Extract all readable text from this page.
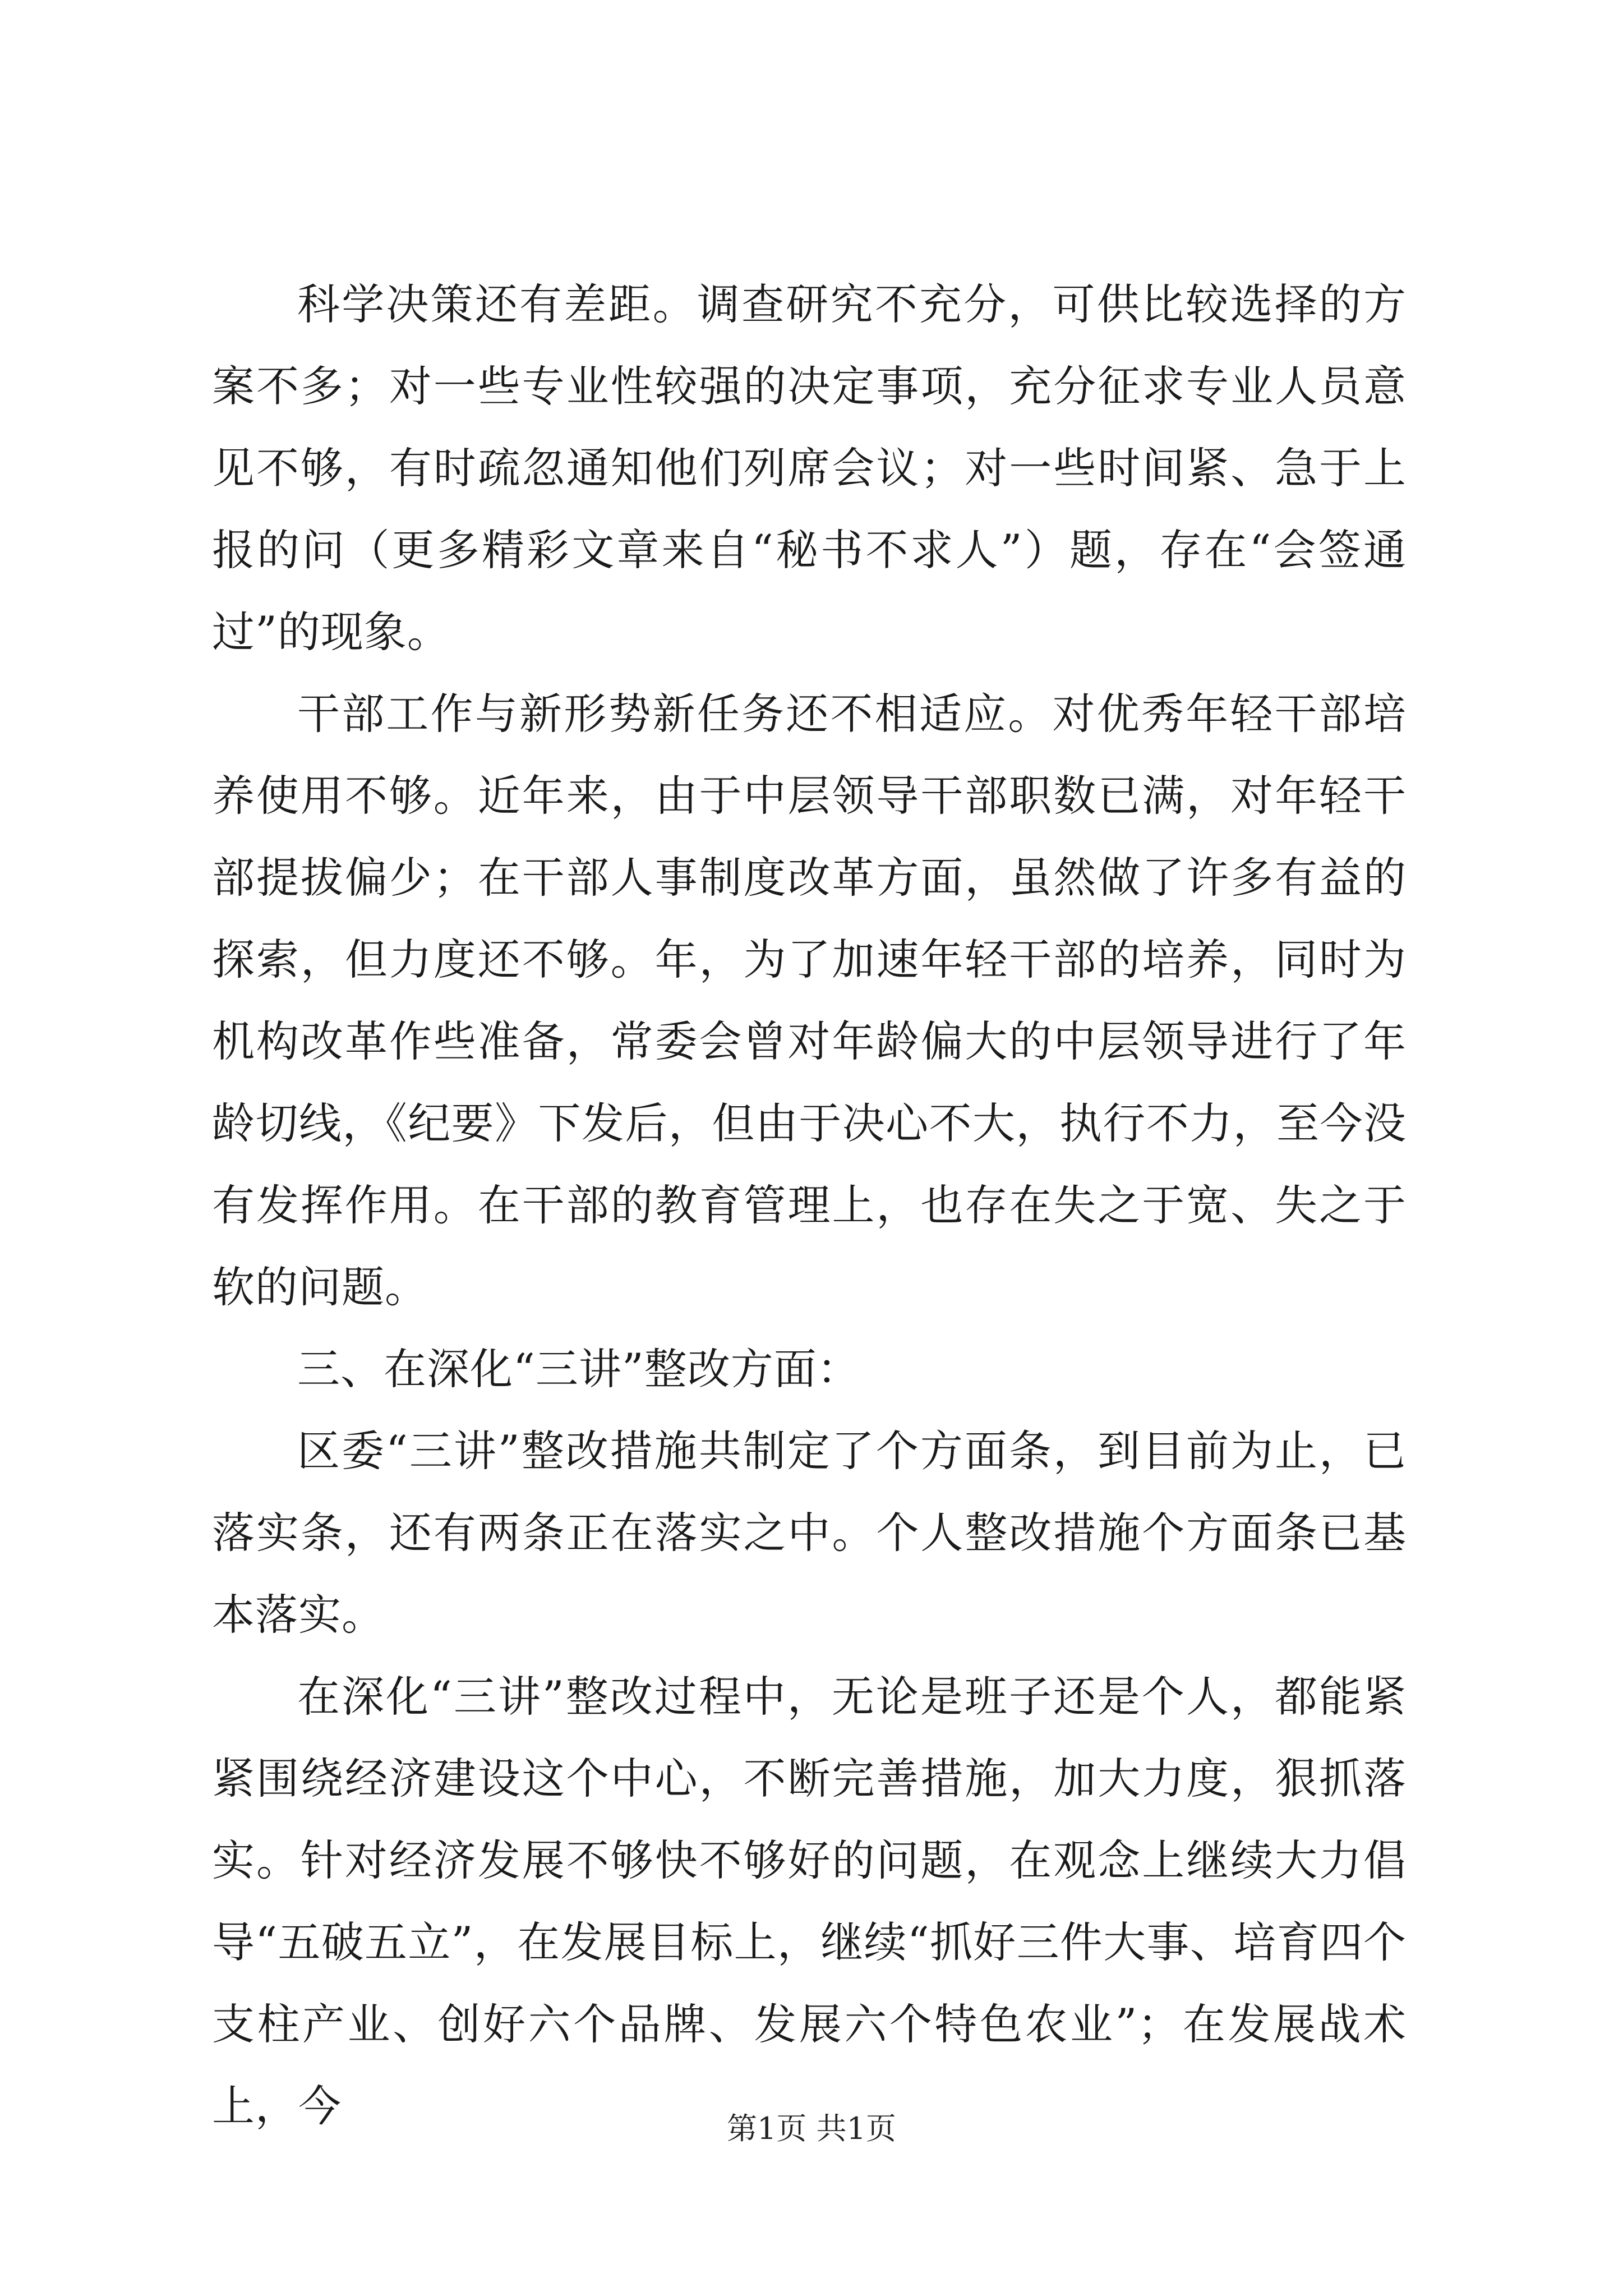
科学决策还有差距。调查研究不充分，可供比较选择的方案不多；对一些专业性较强的决定事项，充分征求专业人员意见不够，有时疏忽通知他们列席会议；对一些时间紧、急于上报的问（更多精彩文章来自“秘书不求人”）题，存在“会签通过”的现象。

干部工作与新形势新任务还不相适应。对优秀年轻干部培养使用不够。近年来，由于中层领导干部职数已满，对年轻干部提拔偏少；在干部人事制度改革方面，虽然做了许多有益的探索，但力度还不够。年，为了加速年轻干部的培养，同时为机构改革作些准备，常委会曾对年龄偏大的中层领导进行了年龄切线，《纪要》下发后，但由于决心不大，执行不力，至今没有发挥作用。在干部的教育管理上，也存在失之于宽、失之于软的问题。

三、在深化“三讲”整改方面：

区委“三讲”整改措施共制定了个方面条，到目前为止，已落实条，还有两条正在落实之中。个人整改措施个方面条已基本落实。

在深化“三讲”整改过程中，无论是班子还是个人，都能紧紧围绕经济建设这个中心，不断完善措施，加大力度，狠抓落实。针对经济发展不够快不够好的问题，在观念上继续大力倡导“五破五立”，在发展目标上，继续“抓好三件大事、培育四个支柱产业、创好六个品牌、发展六个特色农业”；在发展战术上，今	第1页 共1页
